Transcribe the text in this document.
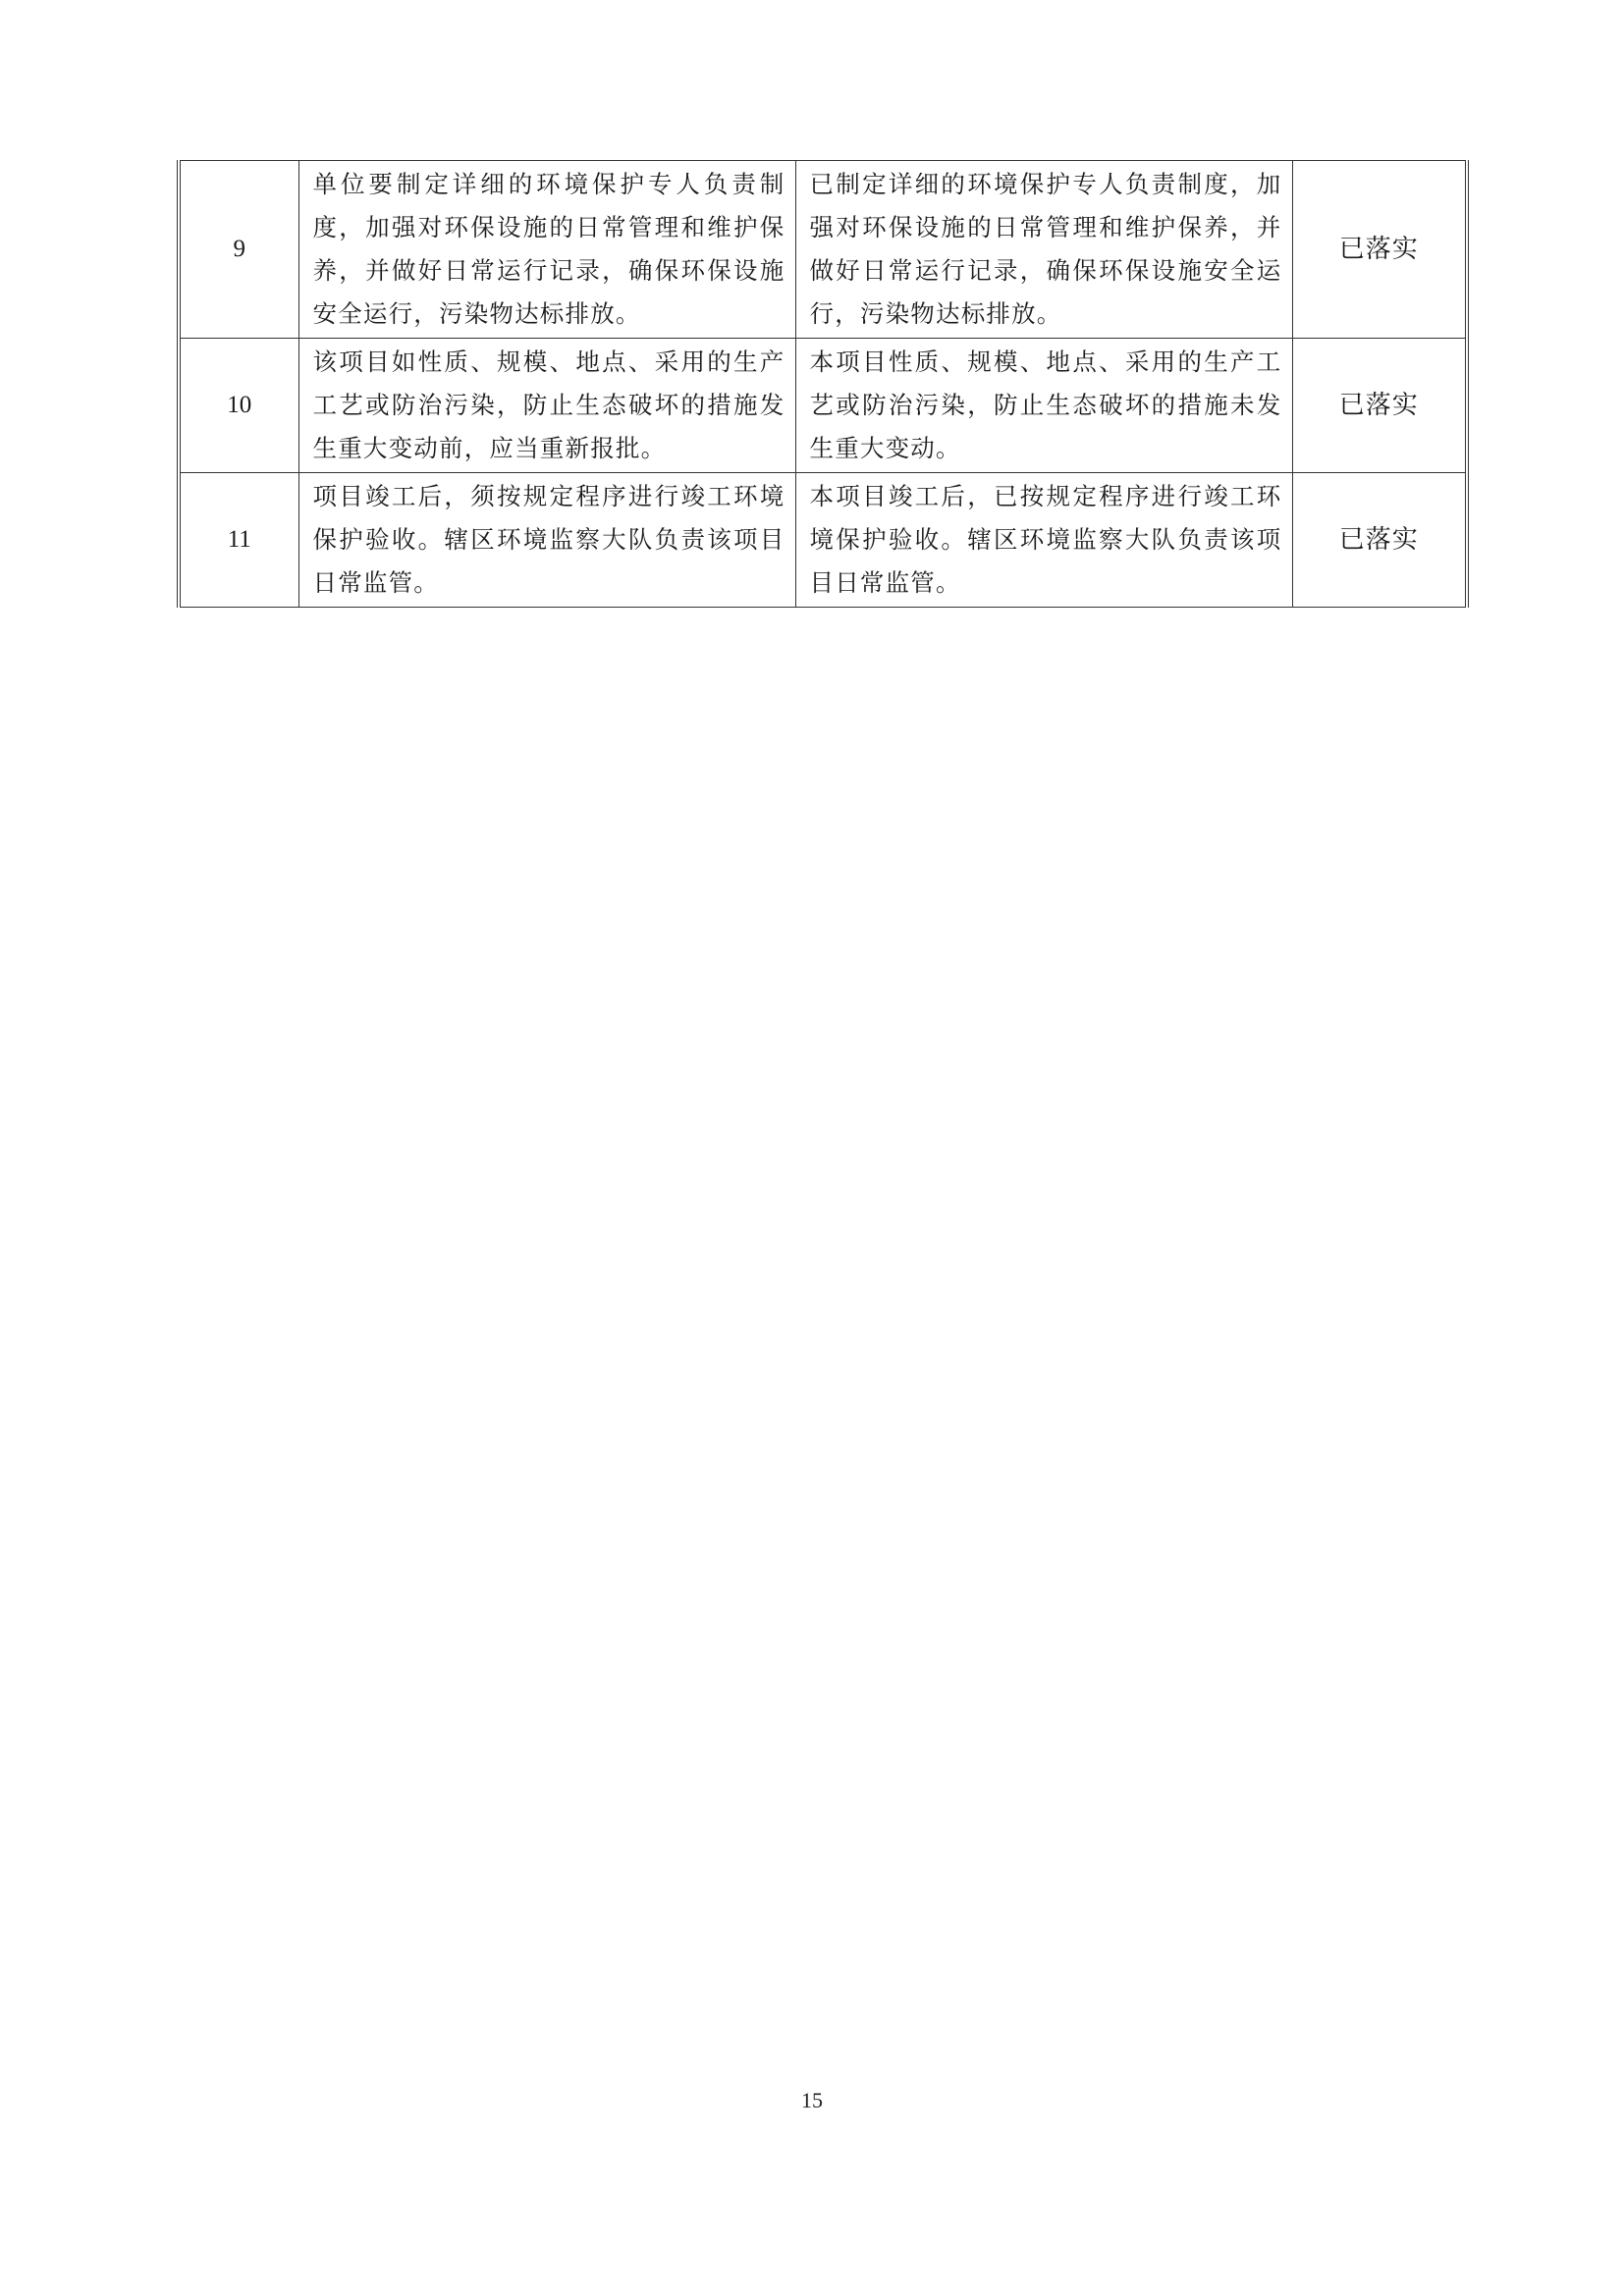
9	单位要制定详细的环境保护专人负责制度，加强对环保设施的日常管理和维护保养，并做好日常运行记录，确保环保设施安全运行，污染物达标排放。	已制定详细的环境保护专人负责制度，加强对环保设施的日常管理和维护保养，并做好日常运行记录，确保环保设施安全运行，污染物达标排放。	已落实
10	该项目如性质、规模、地点、采用的生产工艺或防治污染，防止生态破坏的措施发生重大变动前，应当重新报批。	本项目性质、规模、地点、采用的生产工艺或防治污染，防止生态破坏的措施未发生重大变动。	已落实
11	项目竣工后，须按规定程序进行竣工环境保护验收。辖区环境监察大队负责该项目日常监管。	本项目竣工后，已按规定程序进行竣工环境保护验收。辖区环境监察大队负责该项目日常监管。	已落实
15
